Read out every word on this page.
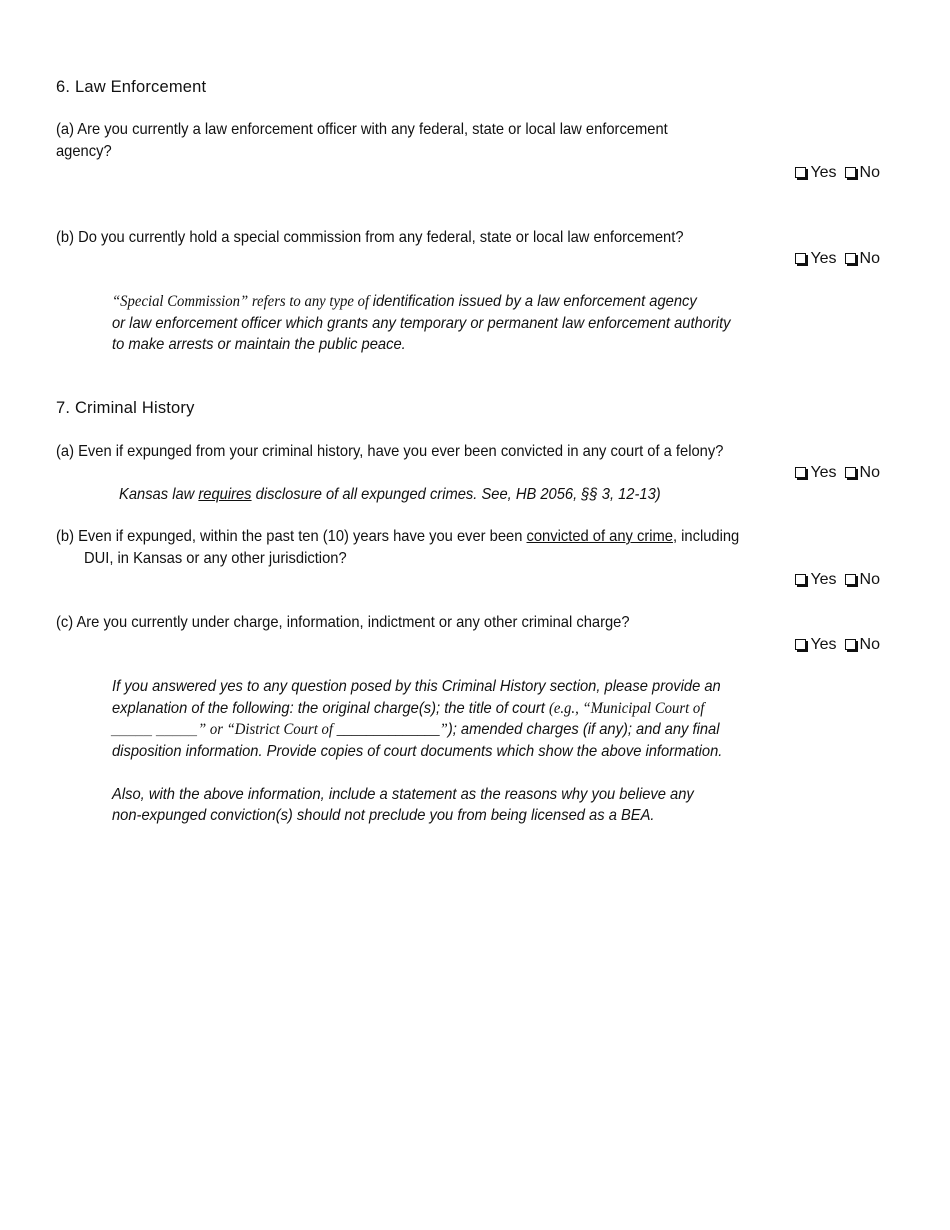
6. Law Enforcement
(a) Are you currently a law enforcement officer with any federal, state or local law enforcement
agency?
Yes No
(b) Do you currently hold a special commission from any federal, state or local law enforcement?
Yes No
“Special Commission” refers to any type of identification issued by a law enforcement agency
or law enforcement officer which grants any temporary or permanent law enforcement authority
to make arrests or maintain the public peace.
7. Criminal History
(a) Even if expunged from your criminal history, have you ever been convicted in any court of a felony?
Yes No
Kansas law requires disclosure of all expunged crimes. See, HB 2056, §§ 3, 12-13)
(b) Even if expunged, within the past ten (10) years have you ever been convicted of any crime, including
DUI, in Kansas or any other jurisdiction?
Yes No
(c) Are you currently under charge, information, indictment or any other criminal charge?
Yes No
If you answered yes to any question posed by this Criminal History section, please provide an
explanation of the following: the original charge(s); the title of court (e.g., “Municipal Court of
_____ _____” or “District Court of ______________”); amended charges (if any); and any final
disposition information. Provide copies of court documents which show the above information.
Also, with the above information, include a statement as the reasons why you believe any
non-expunged conviction(s) should not preclude you from being licensed as a BEA.
